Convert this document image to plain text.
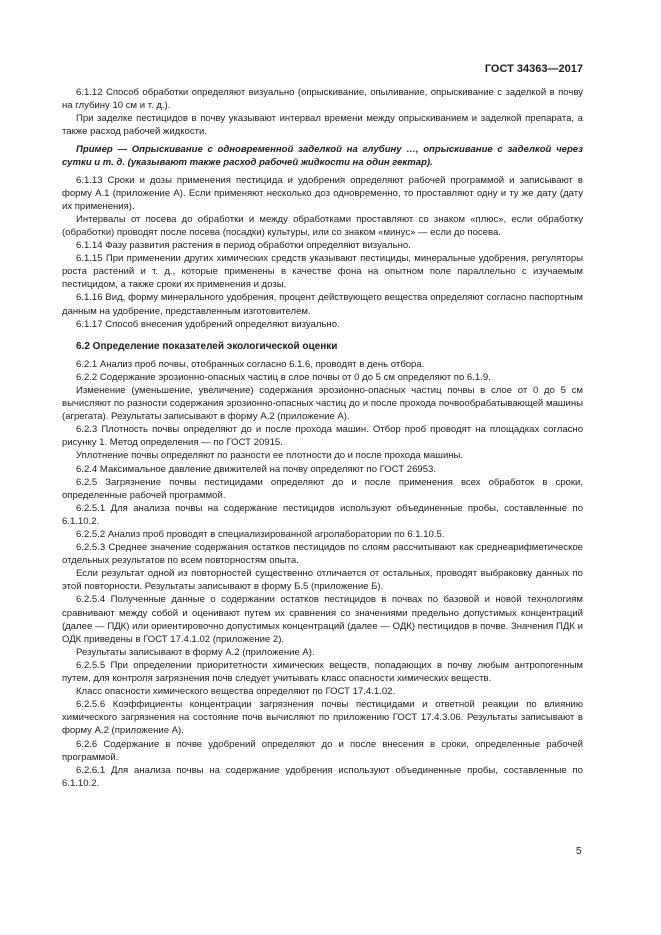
ГОСТ 34363—2017

6.1.12 Способ обработки определяют визуально (опрыскивание, опыливание, опрыскивание с заделкой в почву на глубину 10 см и т. д.).

При заделке пестицидов в почву указывают интервал времени между опрыскиванием и заделкой препарата, а также расход рабочей жидкости.

Пример — Опрыскивание с одновременной заделкой на глубину …, опрыскивание с заделкой через сутки и т. д. (указывают также расход рабочей жидкости на один гектар).

6.1.13 Сроки и дозы применения пестицида и удобрения определяют рабочей программой и записывают в форму А.1 (приложение А). Если применяют несколько доз одновременно, то проставляют одну и ту же дату (дату их применения).

Интервалы от посева до обработки и между обработками проставляют со знаком «плюс», если обработку (обработки) проводят после посева (посадки) культуры, или со знаком «минус» — если до посева.

6.1.14 Фазу развития растения в период обработки определяют визуально.

6.1.15 При применении других химических средств указывают пестициды, минеральные удобрения, регуляторы роста растений и т. д., которые применены в качестве фона на опытном поле параллельно с изучаемым пестицидом, а также сроки их применения и дозы.

6.1.16 Вид, форму минерального удобрения, процент действующего вещества определяют согласно паспортным данным на удобрение, представленным изготовителем.

6.1.17 Способ внесения удобрений определяют визуально.

6.2 Определение показателей экологической оценки

6.2.1 Анализ проб почвы, отобранных согласно 6.1.6, проводят в день отбора.

6.2.2 Содержание эрозионно-опасных частиц в слое почвы от 0 до 5 см определяют по 6.1.9.

Изменение (уменьшение, увеличение) содержания эрозионно-опасных частиц почвы в слое от 0 до 5 см вычисляют по разности содержания эрозионно-опасных частиц до и после прохода почвообрабатывающей машины (агрегата). Результаты записывают в форму А.2 (приложение А).

6.2.3 Плотность почвы определяют до и после прохода машин. Отбор проб проводят на площадках согласно рисунку 1. Метод определения — по ГОСТ 20915.

Уплотнение почвы определяют по разности ее плотности до и после прохода машины.

6.2.4 Максимальное давление движителей на почву определяют по ГОСТ 26953.

6.2.5 Загрязнение почвы пестицидами определяют до и после применения всех обработок в сроки, определенные рабочей программой.

6.2.5.1 Для анализа почвы на содержание пестицидов используют объединенные пробы, составленные по 6.1.10.2.

6.2.5.2 Анализ проб проводят в специализированной агролаборатории по 6.1.10.5.

6.2.5.3 Среднее значение содержания остатков пестицидов по слоям рассчитывают как среднеарифметическое отдельных результатов по всем повторностям опыта.

Если результат одной из повторностей существенно отличается от остальных, проводят выбраковку данных по этой повторности. Результаты записывают в форму Б.5 (приложение Б).

6.2.5.4 Полученные данные о содержании остатков пестицидов в почвах по базовой и новой технологиям сравнивают между собой и оценивают путем их сравнения со значениями предельно допустимых концентраций (далее — ПДК) или ориентировочно допустимых концентраций (далее — ОДК) пестицидов в почве. Значения ПДК и ОДК приведены в ГОСТ 17.4.1.02 (приложение 2).

Результаты записывают в форму А.2 (приложение А).

6.2.5.5 При определении приоритетности химических веществ, попадающих в почву любым антропогенным путем, для контроля загрязнения почв следует учитывать класс опасности химических веществ.

Класс опасности химического вещества определяют по ГОСТ 17.4.1.02.

6.2.5.6 Коэффициенты концентрации загрязнения почвы пестицидами и ответной реакции по влиянию химического загрязнения на состояние почв вычисляют по приложению ГОСТ 17.4.3.06. Результаты записывают в форму А.2 (приложение А).

6.2.6 Содержание в почве удобрений определяют до и после внесения в сроки, определенные рабочей программой.

6.2.6.1 Для анализа почвы на содержание удобрения используют объединенные пробы, составленные по 6.1.10.2.

5
